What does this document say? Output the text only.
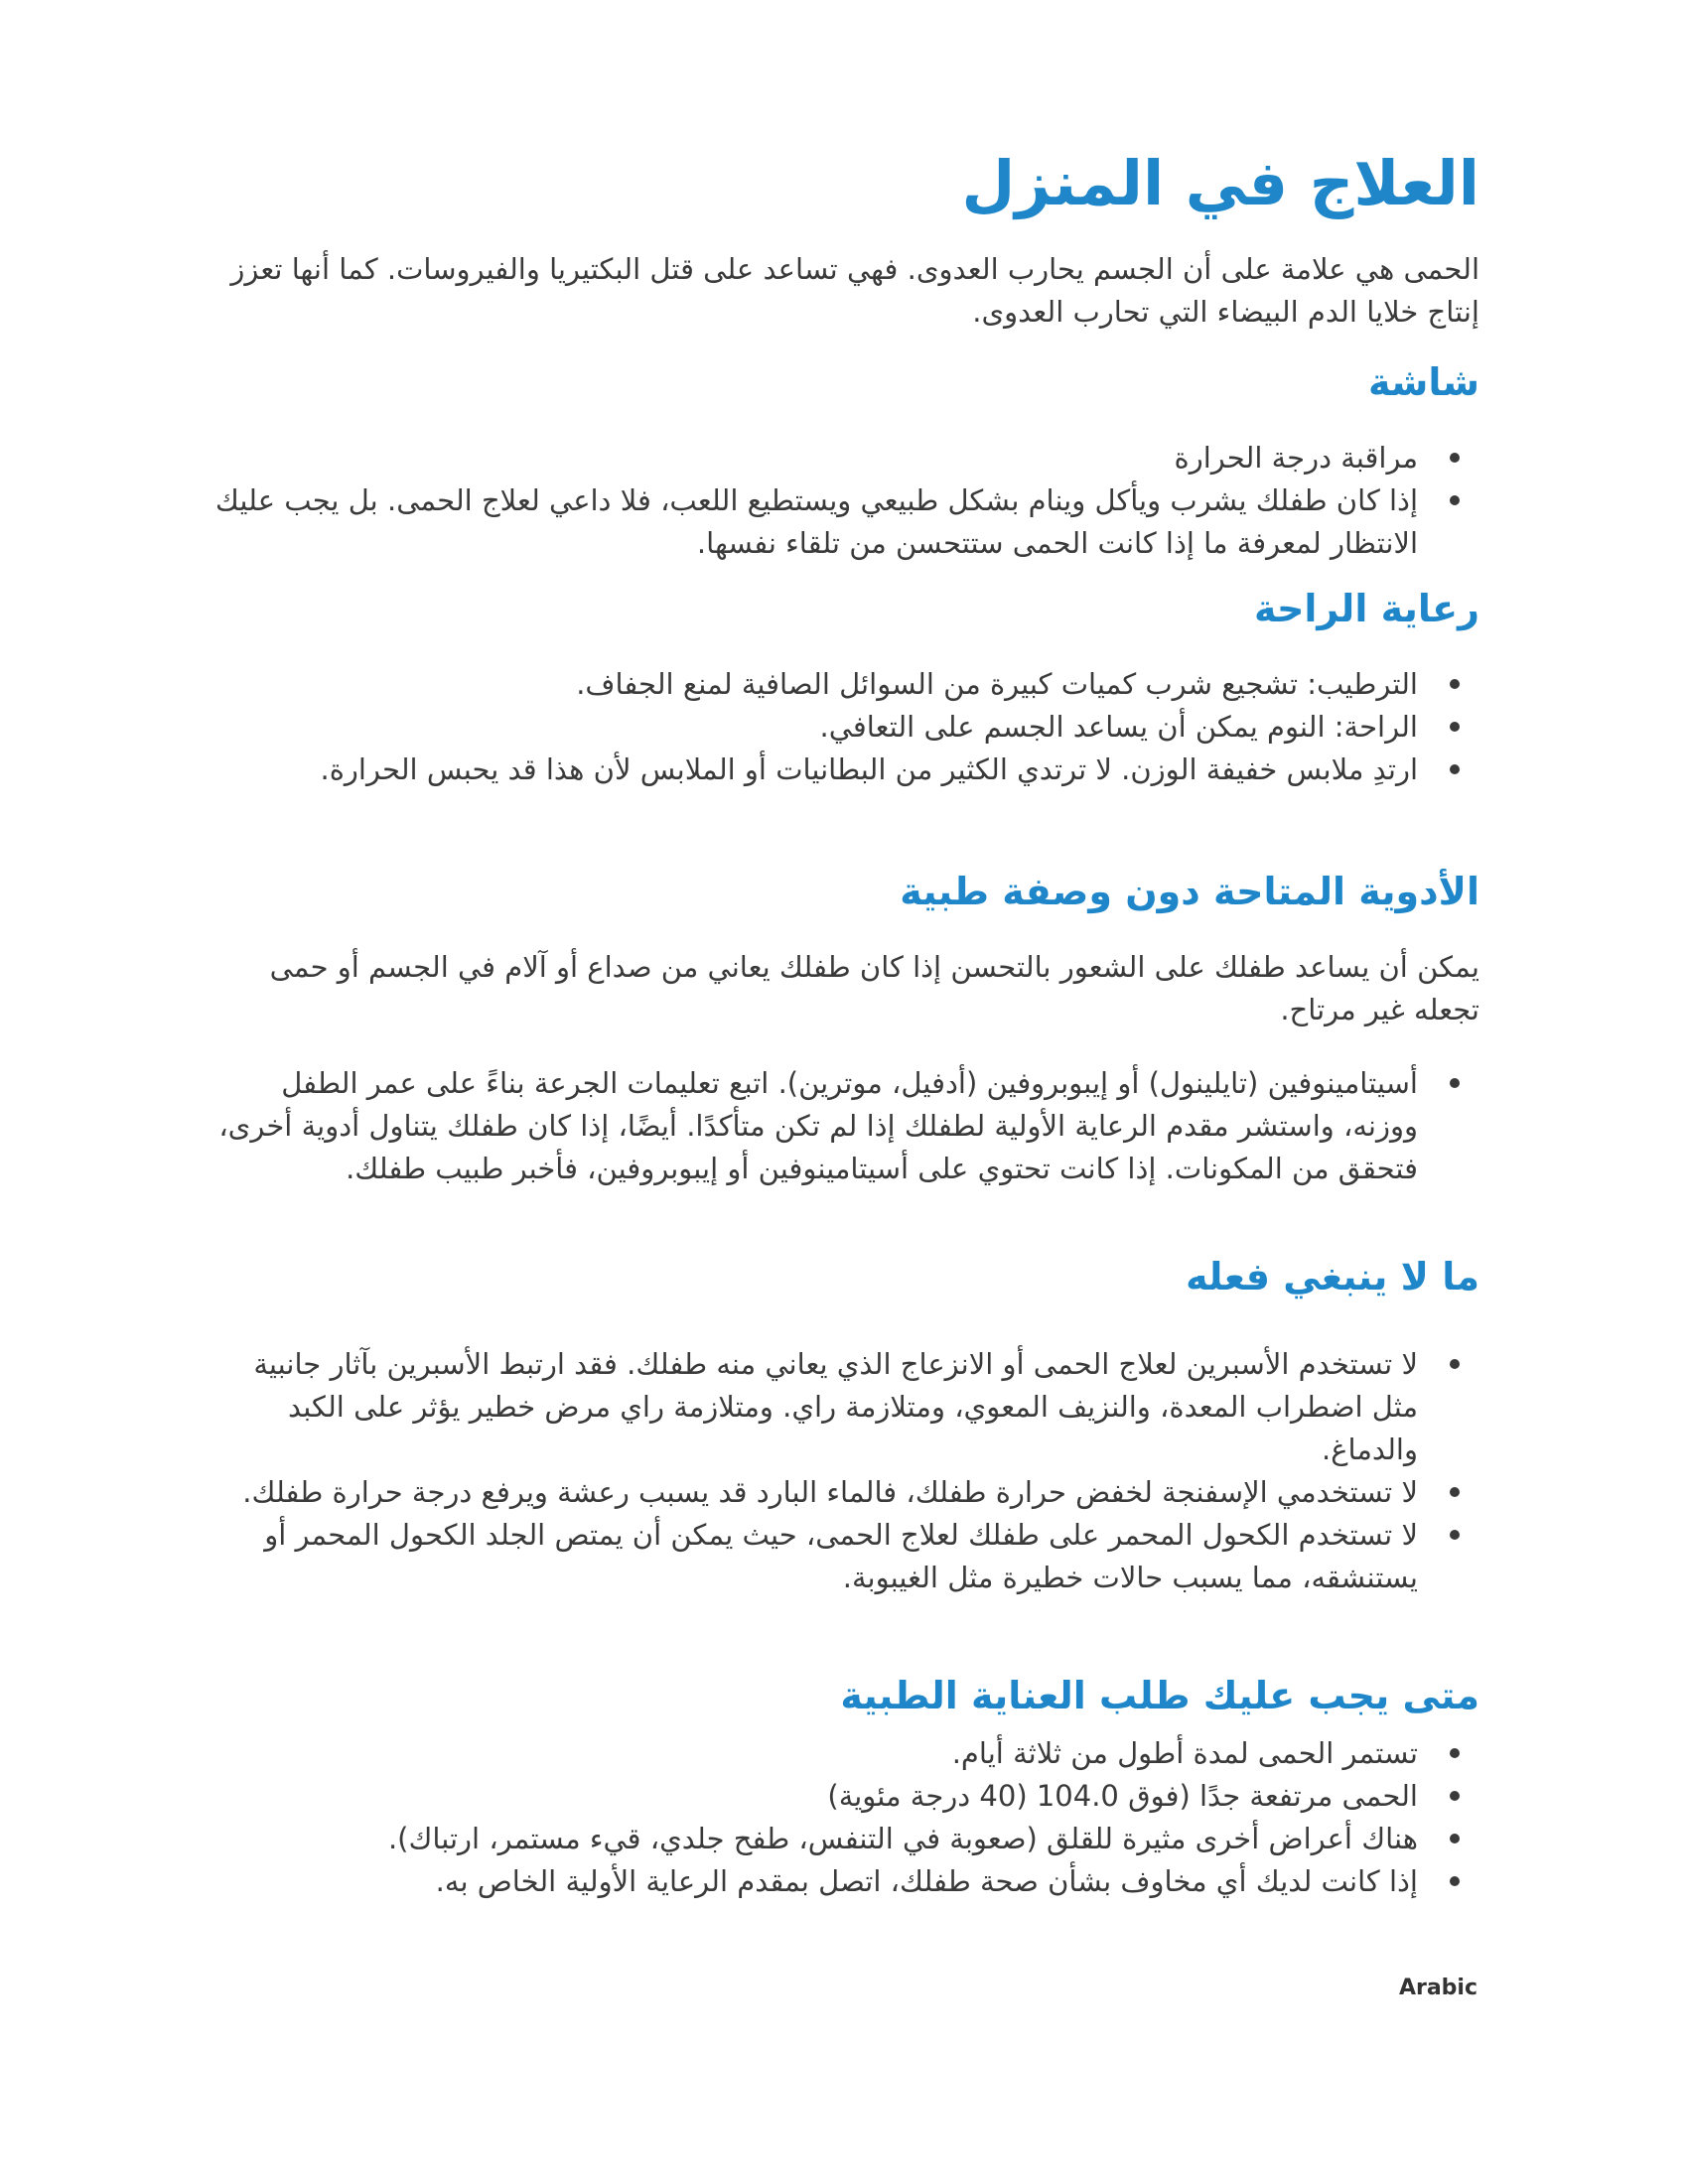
العلاج في المنزل

الحمى هي علامة على أن الجسم يحارب العدوى. فهي تساعد على قتل البكتيريا والفيروسات. كما أنها تعزز إنتاج خلايا الدم البيضاء التي تحارب العدوى.

شاشة
مراقبة درجة الحرارة
إذا كان طفلك يشرب ويأكل وينام بشكل طبيعي ويستطيع اللعب، فلا داعي لعلاج الحمى. بل يجب عليك الانتظار لمعرفة ما إذا كانت الحمى ستتحسن من تلقاء نفسها.
رعاية الراحة
الترطيب: تشجيع شرب كميات كبيرة من السوائل الصافية لمنع الجفاف.
الراحة: النوم يمكن أن يساعد الجسم على التعافي.
ارتدِ ملابس خفيفة الوزن. لا ترتدي الكثير من البطانيات أو الملابس لأن هذا قد يحبس الحرارة.
الأدوية المتاحة دون وصفة طبية

يمكن أن يساعد طفلك على الشعور بالتحسن إذا كان طفلك يعاني من صداع أو آلام في الجسم أو حمى تجعله غير مرتاح.

أسيتامينوفين (تايلينول) أو إيبوبروفين (أدفيل، موترين). اتبع تعليمات الجرعة بناءً على عمر الطفل ووزنه، واستشر مقدم الرعاية الأولية لطفلك إذا لم تكن متأكدًا. أيضًا، إذا كان طفلك يتناول أدوية أخرى، فتحقق من المكونات. إذا كانت تحتوي على أسيتامينوفين أو إيبوبروفين، فأخبر طبيب طفلك.
ما لا ينبغي فعله
لا تستخدم الأسبرين لعلاج الحمى أو الانزعاج الذي يعاني منه طفلك. فقد ارتبط الأسبرين بآثار جانبية مثل اضطراب المعدة، والنزيف المعوي، ومتلازمة راي. ومتلازمة راي مرض خطير يؤثر على الكبد والدماغ.
لا تستخدمي الإسفنجة لخفض حرارة طفلك، فالماء البارد قد يسبب رعشة ويرفع درجة حرارة طفلك.
لا تستخدم الكحول المحمر على طفلك لعلاج الحمى، حيث يمكن أن يمتص الجلد الكحول المحمر أو يستنشقه، مما يسبب حالات خطيرة مثل الغيبوبة.
متى يجب عليك طلب العناية الطبية
تستمر الحمى لمدة أطول من ثلاثة أيام.
الحمى مرتفعة جدًا (فوق 104.0 (40 درجة مئوية)
هناك أعراض أخرى مثيرة للقلق (صعوبة في التنفس، طفح جلدي، قيء مستمر، ارتباك).
إذا كانت لديك أي مخاوف بشأن صحة طفلك، اتصل بمقدم الرعاية الأولية الخاص به.
Arabic
